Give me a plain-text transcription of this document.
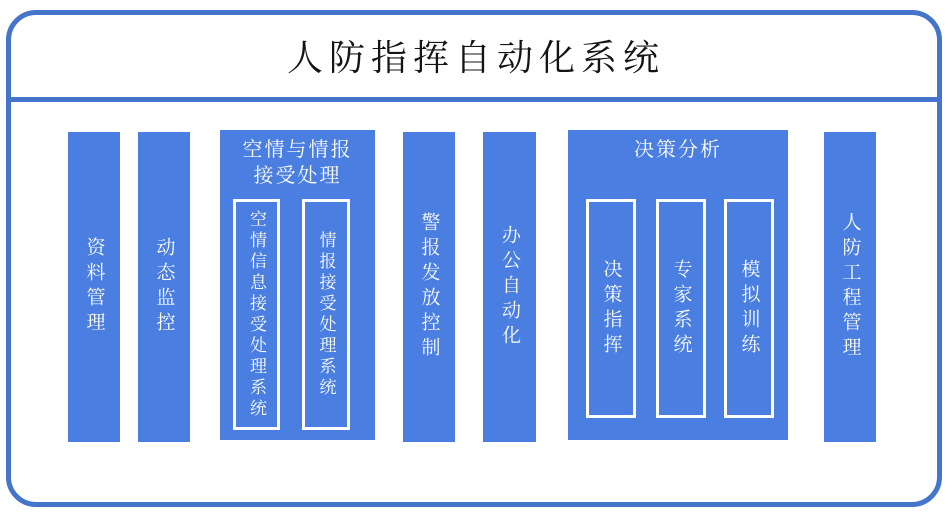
人防指挥自动化系统
资料管理	动态监控
空情与情报
接受处理
空情信息接受处理系统	情报接受处理系统	警报发放控制	办公自动化
决策分析
决策指挥	专家系统 模拟训练	人防工程管理
